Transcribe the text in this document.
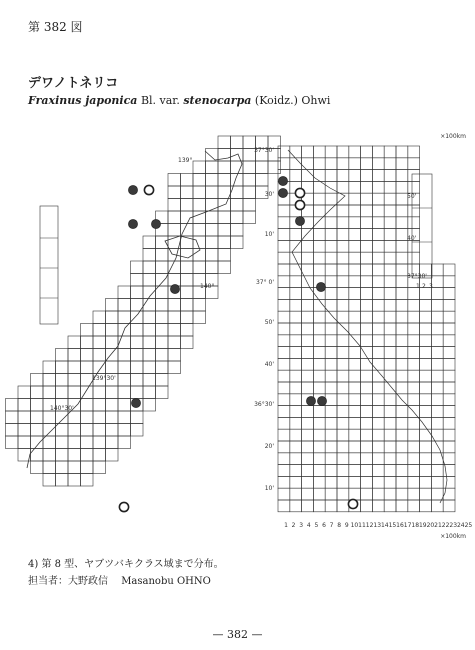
第 382 図
デワノトネリコ
Fraxinus japonica Bl. var. stenocarpa (Koidz.) Ohwi
139°
140°
139°30'
140°30'
×100km
×100km
1 2 3 4 5 6 7 8 9 10 11 12 13 14 15 16 17 18 19 20 21 22 23 24 25
37°30'
30'
10'
37° 0'
50'
40'
36°30'
20'
10'
50'
40'
37°30'
1 2 3
4) 第 8 型、ヤブツバキクラス域まで分布。
担当者：大野政信 Masanobu OHNO
— 382 —
